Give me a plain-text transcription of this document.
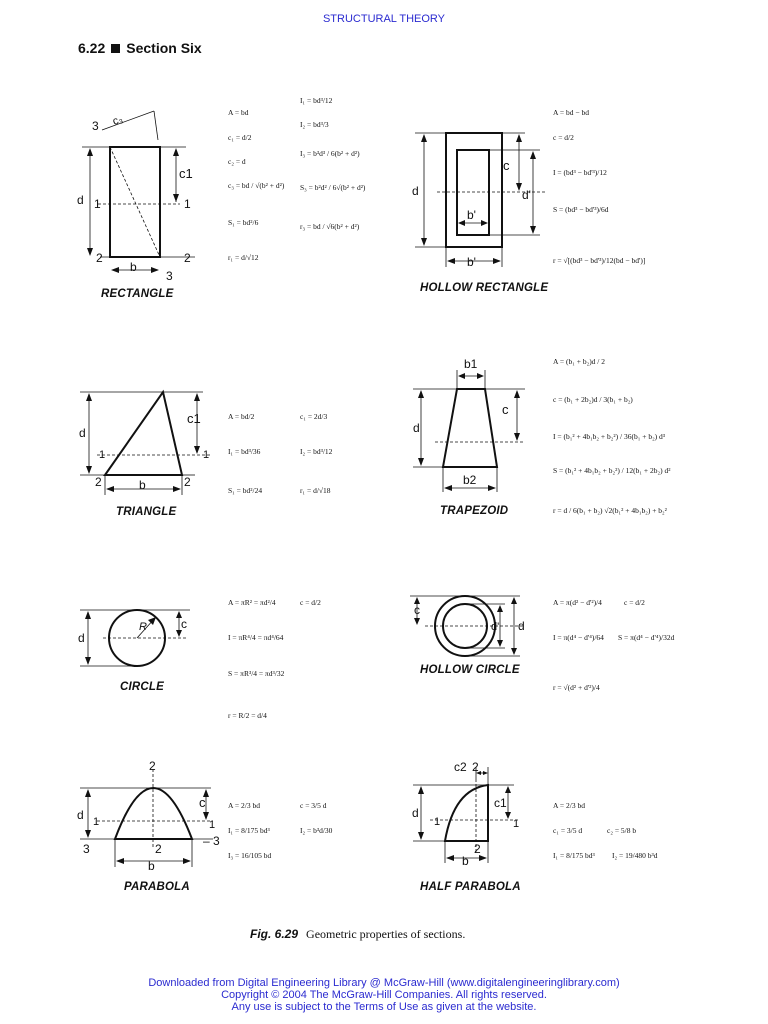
STRUCTURAL THEORY
6.22 Section Six
d 1	1
c1
2	2
b
3
3 c₃
RECTANGLE
A = bd
c₁ = d/2
c₂ = d
c₃ = bd / √(b² + d²)
S₁ = bd²/6
r₁ = d/√12
I₁ = bd³/12
I₂ = bd³/3
I₃ = b³d³ / 6(b² + d²)
S₃ = b²d² / 6√(b² + d²)
r₃ = bd / √6(b² + d²)
d	d'
c
b'
b'
HOLLOW RECTANGLE
A = bd − bd
c = d/2
I = (bd³ − bd'³)/12
S = (bd³ − bd'³)/6d
r = √[(bd³ − bd'³)/12(bd − bd')]
d
c1
1	1
2	2
b
TRIANGLE
A = bd/2
I₁ = bd³/36
S₁ = bd²/24
c₁ = 2d/3
I₂ = bd³/12
r₁ = d/√18
b1
d
c
b2
TRAPEZOID
A = (b₁ + b₂)d / 2
c = (b₁ + 2b₂)d / 3(b₁ + b₂)
I = (b₁² + 4b₁b₂ + b₂²) / 36(b₁ + b₂) d³
S = (b₁² + 4b₁b₂ + b₂²) / 12(b₁ + 2b₂) d²
r = d / 6(b₁ + b₂) √2(b₁² + 4b₁b₂) + b₂²
d
R	c
CIRCLE
A = πR² = πd²/4	c = d/2
I = πR⁴/4 = πd⁴/64
S = πR³/4 = πd³/32
r = R/2 = d/4
c
d' d
HOLLOW CIRCLE
A = π(d² − d'²)/4	c = d/2
I = π(d⁴ − d'⁴)/64 S = π(d⁴ − d'⁴)/32d
r = √(d² + d'²)/4
2
d
c
1	1
3
– 3
2
b
PARABOLA
A = 2/3 bd	c = 3/5 d
I₁ = 8/175 bd³	I₂ = b³d/30
I₃ = 16/105 bd
c2 2
d
c1
1	1
2
b
HALF PARABOLA
A = 2/3 bd
c₁ = 3/5 d	c₂ = 5/8 b
I₁ = 8/175 bd³ I₂ = 19/480 b³d
Fig. 6.29 Geometric properties of sections.
Downloaded from Digital Engineering Library @ McGraw-Hill (www.digitalengineeringlibrary.com)
Copyright © 2004 The McGraw-Hill Companies. All rights reserved.
Any use is subject to the Terms of Use as given at the website.
